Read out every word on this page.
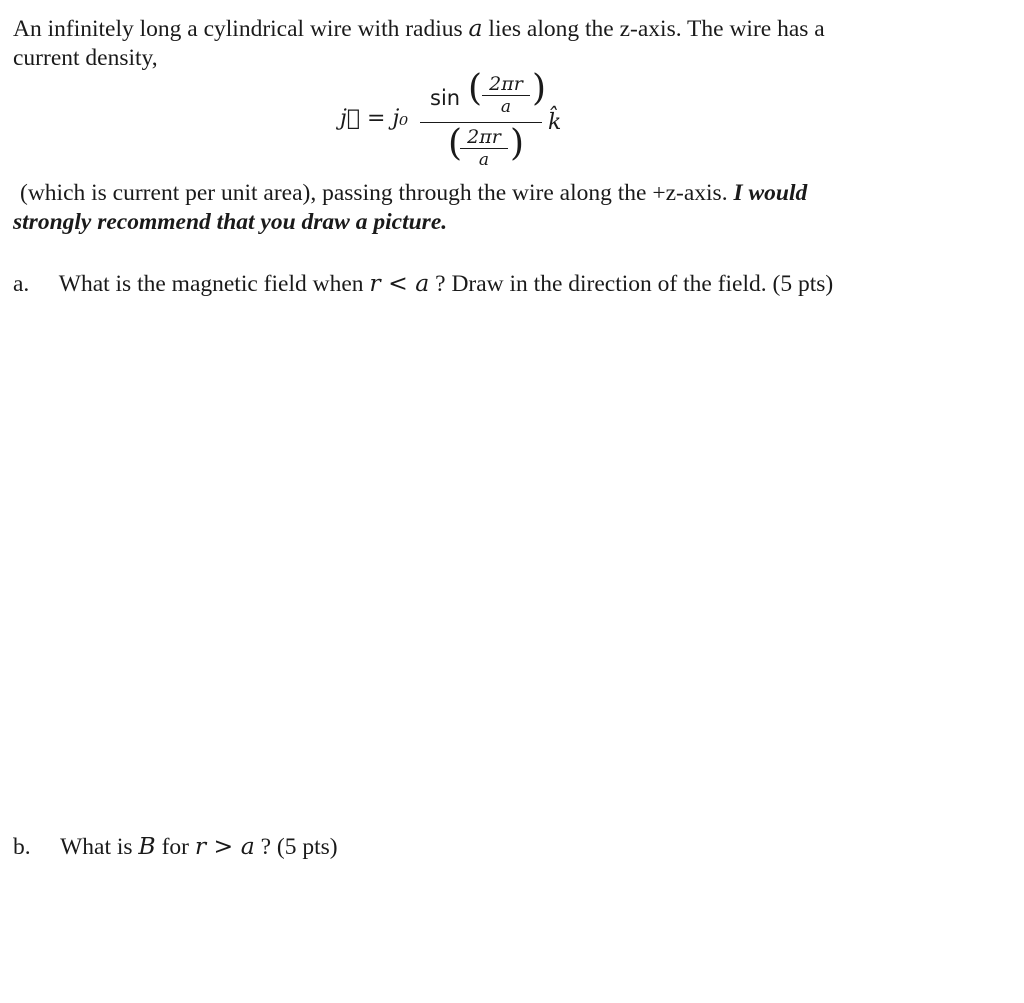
An infinitely long a cylindrical wire with radius a lies along the z-axis. The wire has a
current density,
j⃗ = j₀
sin ( 2πr
a )
( 2πr
a )
k̂
(which is current per unit area), passing through the wire along the +z-axis. I would
strongly recommend that you draw a picture.
a. What is the magnetic field when r < a ? Draw in the direction of the field. (5 pts)
b. What is B for r > a ? (5 pts)
